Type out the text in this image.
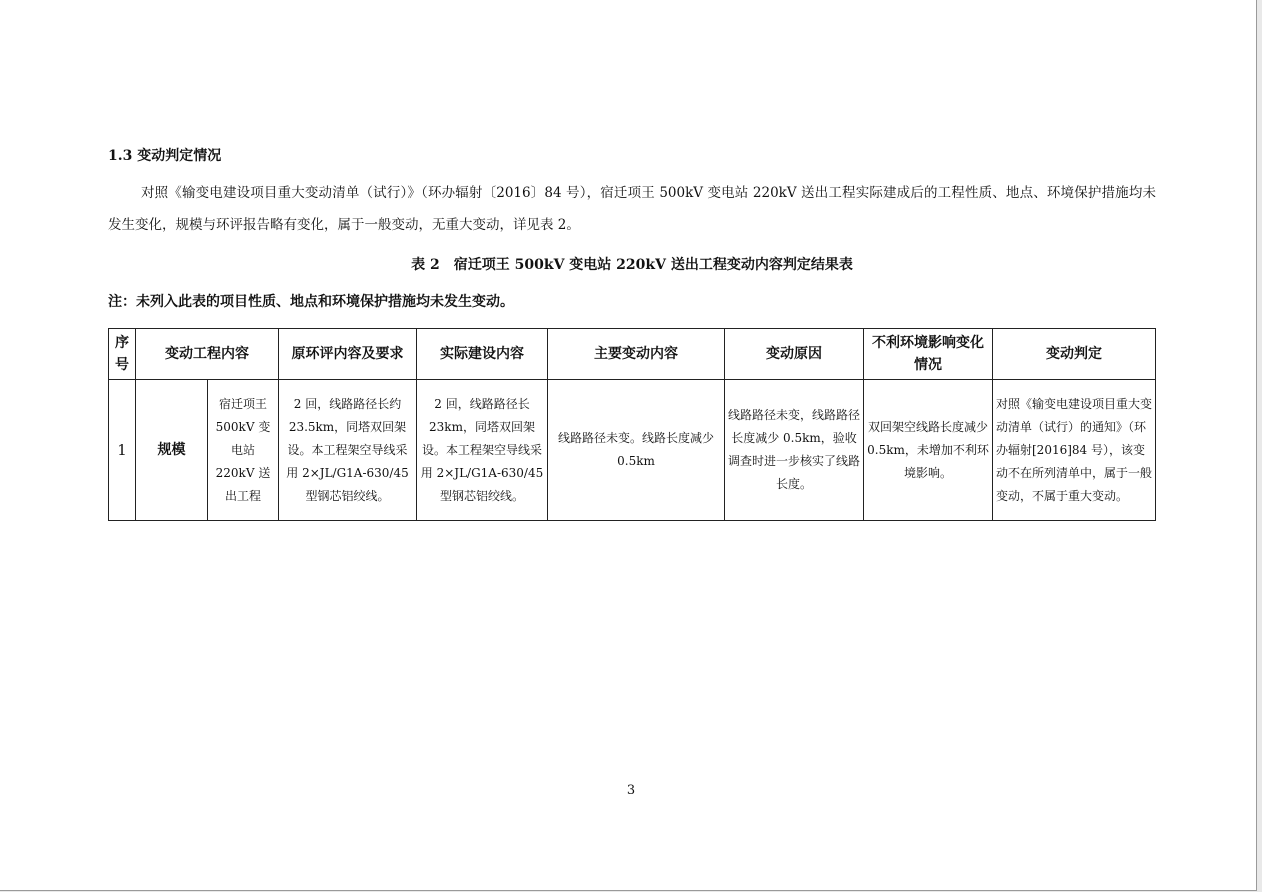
1.3 变动判定情况
对照《输变电建设项目重大变动清单（试行）》（环办辐射〔2016〕84 号），宿迁项王 500kV 变电站 220kV 送出工程实际建成后的工程性质、地点、环境保护措施均未发生变化，规模与环评报告略有变化，属于一般变动，无重大变动，详见表 2。
表 2　宿迁项王 500kV 变电站 220kV 送出工程变动内容判定结果表
注：未列入此表的项目性质、地点和环境保护措施均未发生变动。
序号	变动工程内容		原环评内容及要求	实际建设内容	主要变动内容	变动原因	不利环境影响变化情况	变动判定
1	规模	宿迁项王 500kV 变电站 220kV 送出工程	2 回，线路路径长约 23.5km，同塔双回架设。本工程架空导线采用 2×JL/G1A-630/45 型钢芯铝绞线。	2 回，线路路径长 23km，同塔双回架设。本工程架空导线采用 2×JL/G1A-630/45 型钢芯铝绞线。	线路路径未变。线路长度减少 0.5km	线路路径未变，线路路径长度减少 0.5km，验收调查时进一步核实了线路长度。	双回架空线路长度减少 0.5km，未增加不利环境影响。	对照《输变电建设项目重大变动清单（试行）的通知》（环办辐射[2016]84 号），该变动不在所列清单中，属于一般变动，不属于重大变动。
3
